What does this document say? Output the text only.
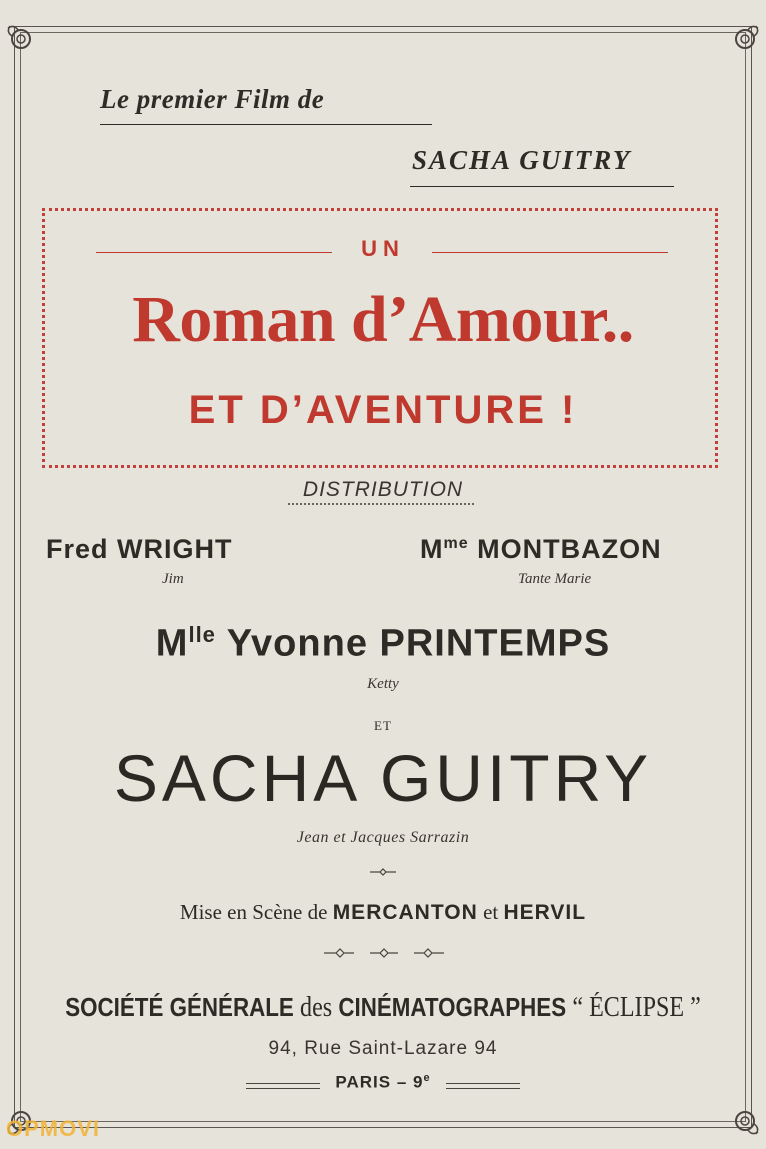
Le premier Film de
SACHA GUITRY
UN
Roman d’Amour..
ET D’AVENTURE !
DISTRIBUTION
Fred WRIGHT
Jim
$M^{me}$ MONTBAZON
Tante Marie
$M^{lle}$ Yvonne PRINTEMPS
Ketty
ET
SACHA GUITRY
Jean et Jacques Sarrazin
Mise en Scène de MERCANTON et HERVIL
SOCIÉTÉ GÉNÉRALE des CINÉMATOGRAPHES “ ÉCLIPSE ”
94, Rue Saint-Lazare 94
PARIS – 9e
OPMOVI
